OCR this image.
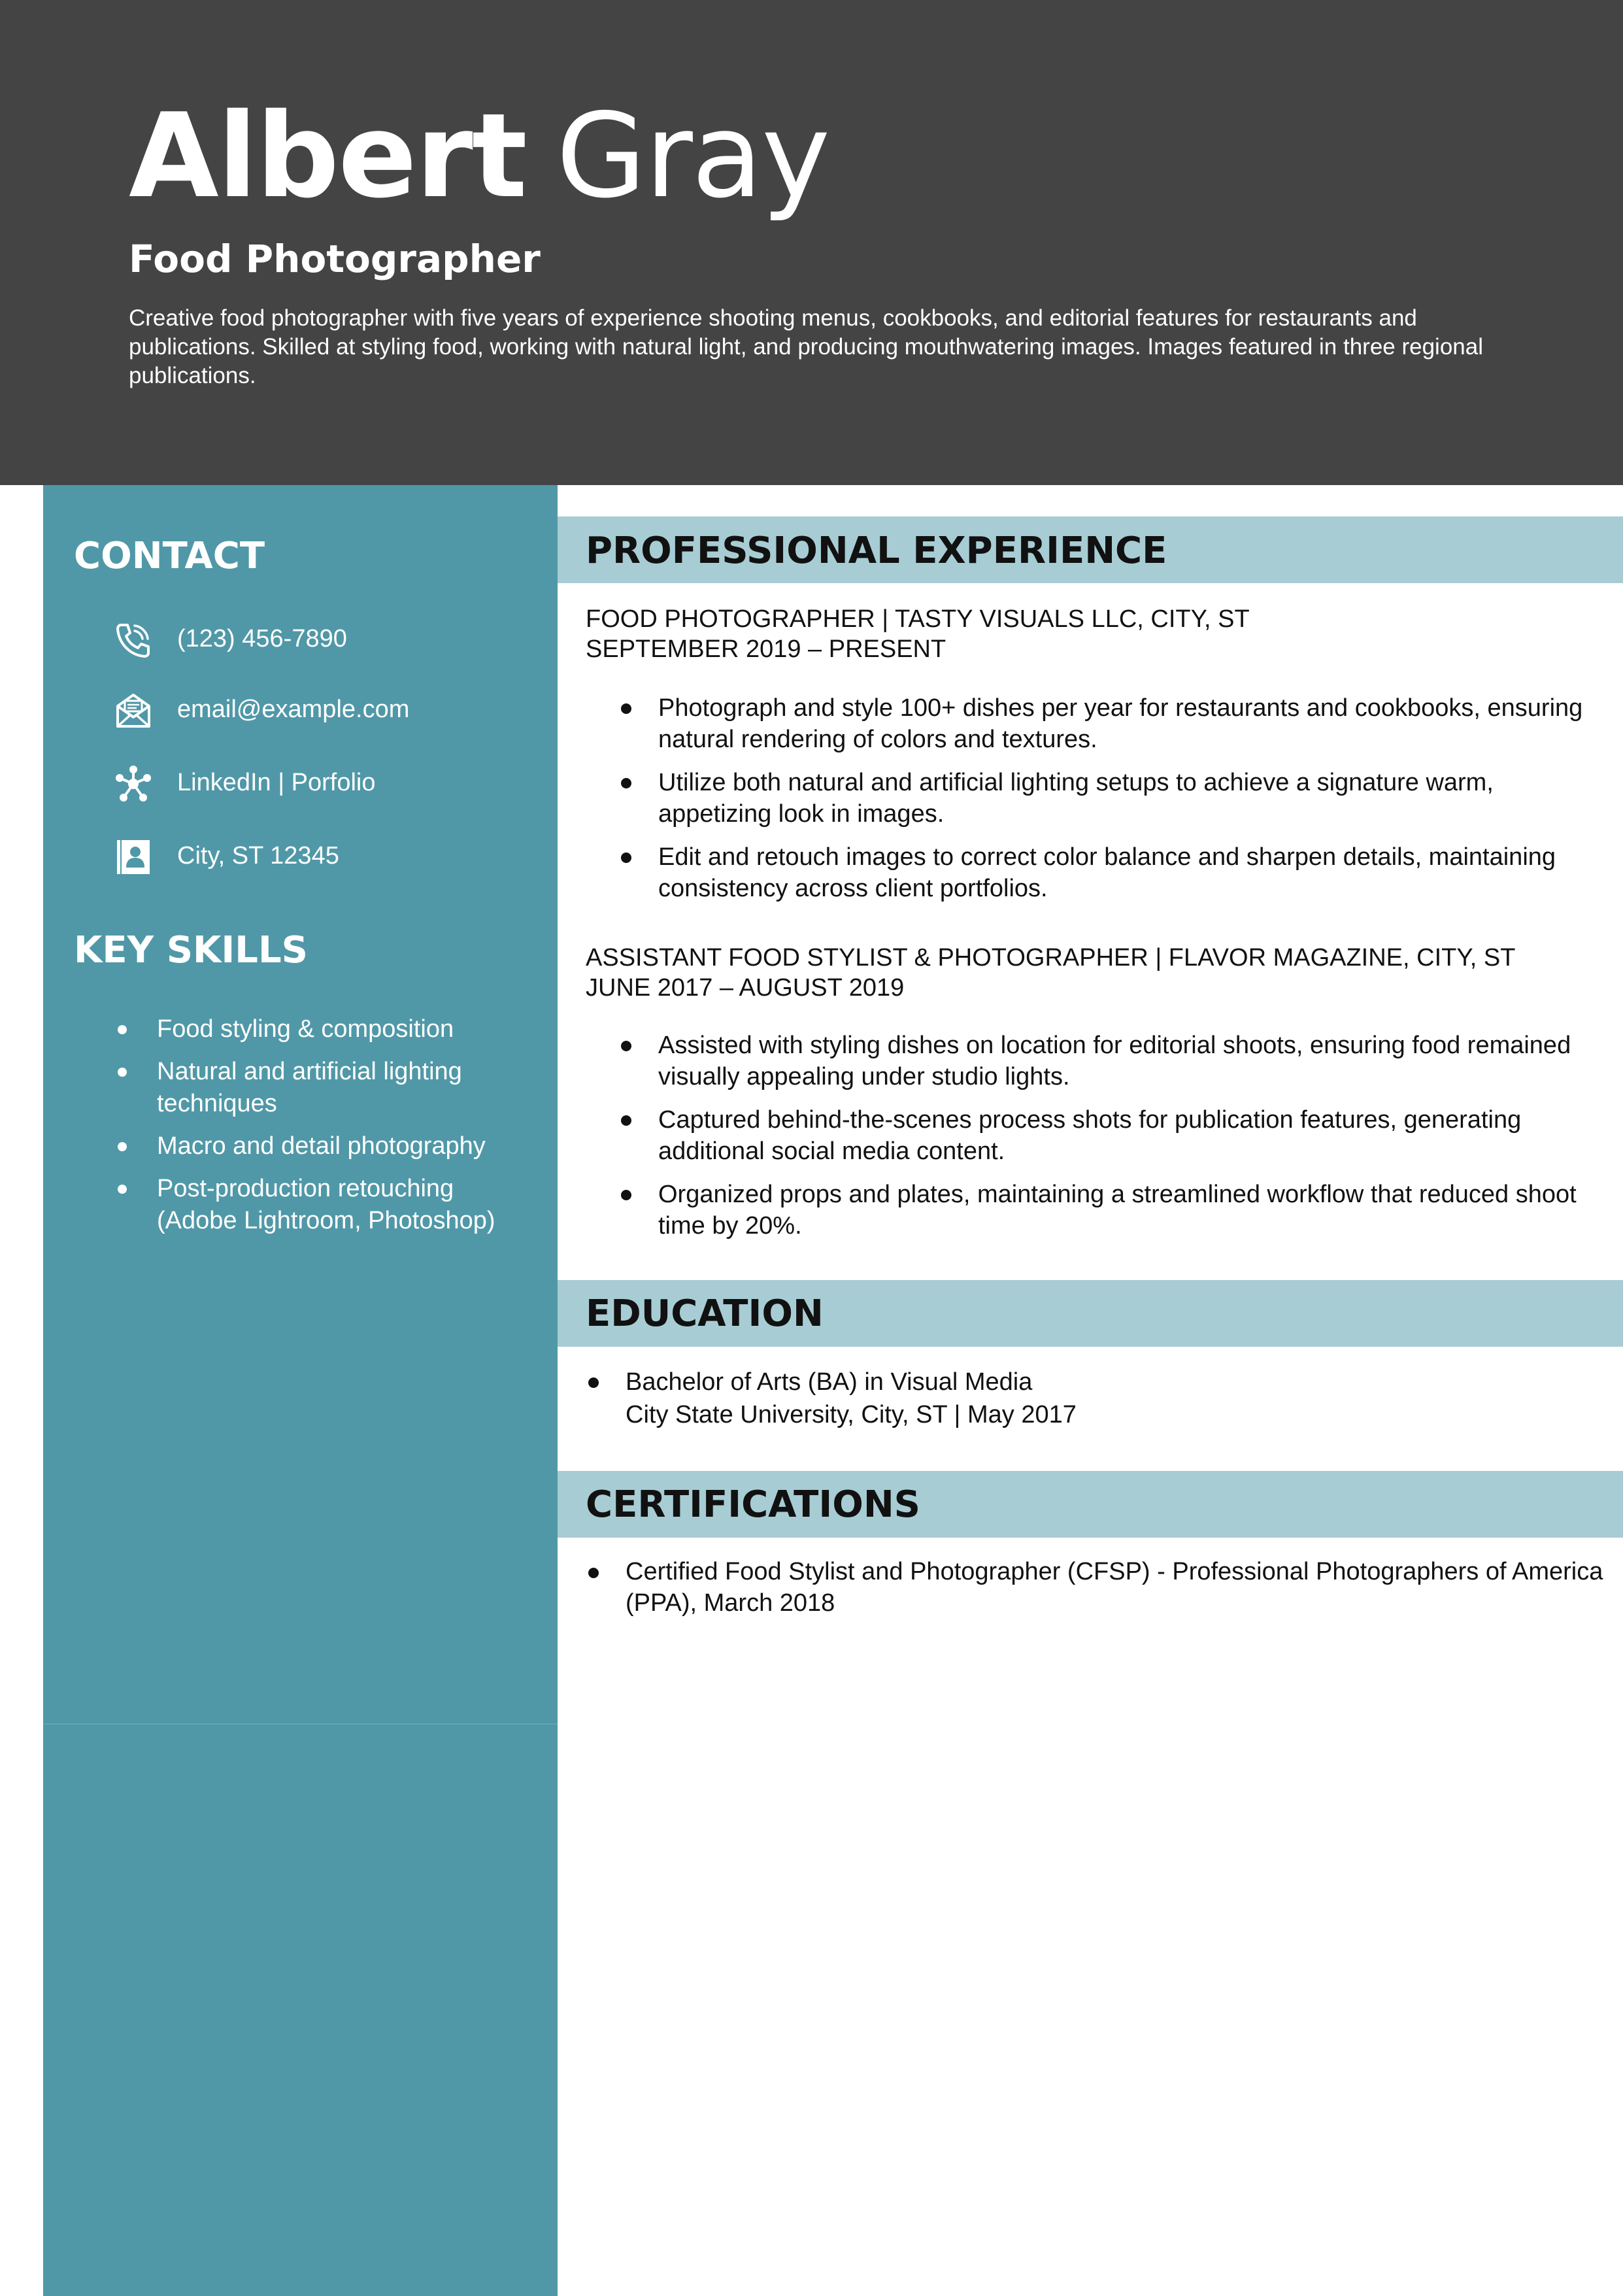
Albert Gray
Food Photographer
Creative food photographer with five years of experience shooting menus, cookbooks, and editorial features for restaurants and publications. Skilled at styling food, working with natural light, and producing mouthwatering images. Images featured in three regional publications.
CONTACT
(123) 456-7890
email@example.com
LinkedIn | Porfolio
City, ST 12345
KEY SKILLS
Food styling & composition
Natural and artificial lighting techniques
Macro and detail photography
Post-production retouching (Adobe Lightroom, Photoshop)
PROFESSIONAL EXPERIENCE
FOOD PHOTOGRAPHER | TASTY VISUALS LLC, CITY, ST
SEPTEMBER 2019 – PRESENT
Photograph and style 100+ dishes per year for restaurants and cookbooks, ensuring natural rendering of colors and textures.
Utilize both natural and artificial lighting setups to achieve a signature warm, appetizing look in images.
Edit and retouch images to correct color balance and sharpen details, maintaining consistency across client portfolios.
ASSISTANT FOOD STYLIST & PHOTOGRAPHER | FLAVOR MAGAZINE, CITY, ST
JUNE 2017 – AUGUST 2019
Assisted with styling dishes on location for editorial shoots, ensuring food remained visually appealing under studio lights.
Captured behind-the-scenes process shots for publication features, generating additional social media content.
Organized props and plates, maintaining a streamlined workflow that reduced shoot time by 20%.
EDUCATION
Bachelor of Arts (BA) in Visual Media
City State University, City, ST | May 2017
CERTIFICATIONS
Certified Food Stylist and Photographer (CFSP) - Professional Photographers of America (PPA), March 2018
